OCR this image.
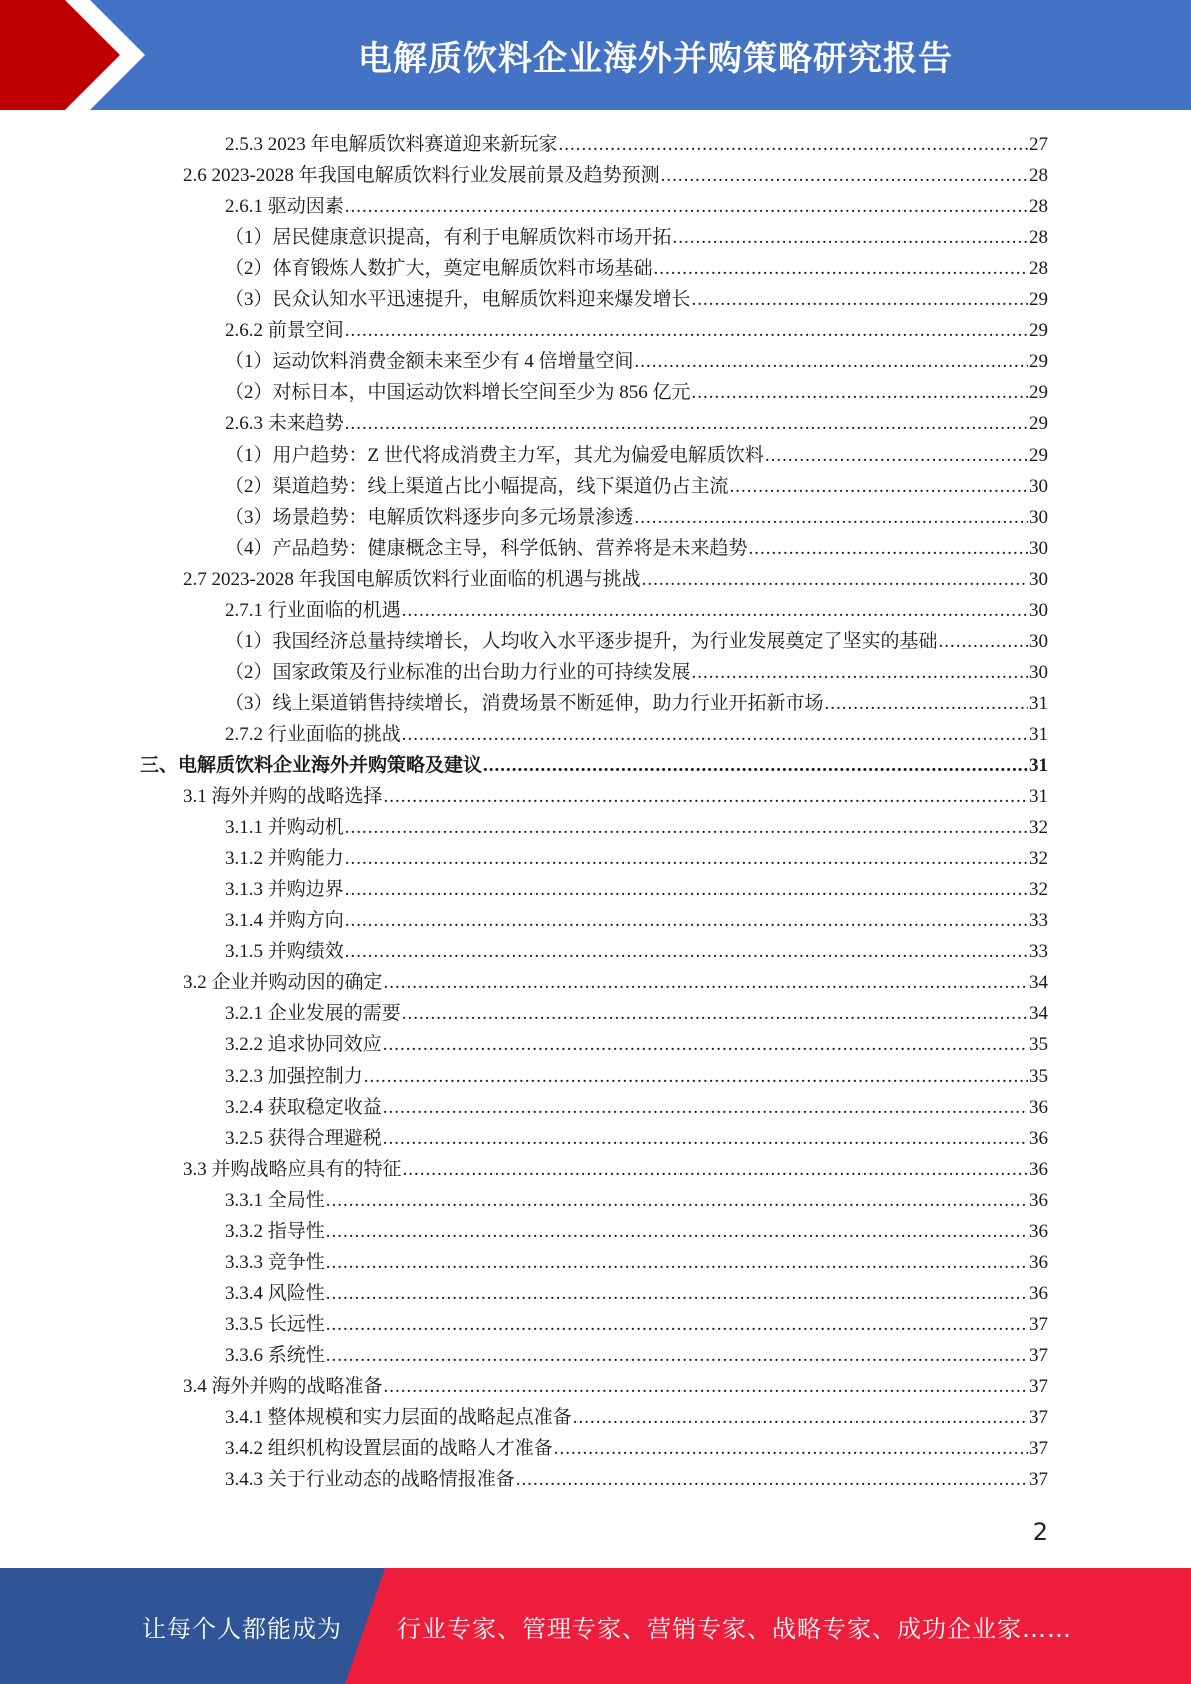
电解质饮料企业海外并购策略研究报告
2.5.3 2023 年电解质饮料赛道迎来新玩家 .....	27
2.6 2023-2028 年我国电解质饮料行业发展前景及趋势预测 .....	28
2.6.1 驱动因素 .....	28
（1）居民健康意识提高，有利于电解质饮料市场开拓 .....	28
（2）体育锻炼人数扩大，奠定电解质饮料市场基础 .....	28
（3）民众认知水平迅速提升，电解质饮料迎来爆发增长 .....	29
2.6.2 前景空间 .....	29
（1）运动饮料消费金额未来至少有 4 倍增量空间 .....	29
（2）对标日本，中国运动饮料增长空间至少为 856 亿元 .....	29
2.6.3 未来趋势 .....	29
（1）用户趋势：Z 世代将成消费主力军，其尤为偏爱电解质饮料 .....	29
（2）渠道趋势：线上渠道占比小幅提高，线下渠道仍占主流 .....	30
（3）场景趋势：电解质饮料逐步向多元场景渗透 .....	30
（4）产品趋势：健康概念主导，科学低钠、营养将是未来趋势 .....	30
2.7 2023-2028 年我国电解质饮料行业面临的机遇与挑战 .....	30
2.7.1 行业面临的机遇 .....	30
（1）我国经济总量持续增长，人均收入水平逐步提升，为行业发展奠定了坚实的基础 .....	30
（2）国家政策及行业标准的出台助力行业的可持续发展 .....	30
（3）线上渠道销售持续增长，消费场景不断延伸，助力行业开拓新市场 .....	31
2.7.2 行业面临的挑战 .....	31
三、电解质饮料企业海外并购策略及建议 .....	31
3.1 海外并购的战略选择 .....	31
3.1.1 并购动机 .....	32
3.1.2 并购能力 .....	32
3.1.3 并购边界 .....	32
3.1.4 并购方向 .....	33
3.1.5 并购绩效 .....	33
3.2 企业并购动因的确定 .....	34
3.2.1 企业发展的需要 .....	34
3.2.2 追求协同效应 .....	35
3.2.3 加强控制力 .....	35
3.2.4 获取稳定收益 .....	36
3.2.5 获得合理避税 .....	36
3.3 并购战略应具有的特征 .....	36
3.3.1 全局性 .....	36
3.3.2 指导性 .....	36
3.3.3 竞争性 .....	36
3.3.4 风险性 .....	36
3.3.5 长远性 .....	37
3.3.6 系统性 .....	37
3.4 海外并购的战略准备 .....	37
3.4.1 整体规模和实力层面的战略起点准备 .....	37
3.4.2 组织机构设置层面的战略人才准备 .....	37
3.4.3 关于行业动态的战略情报准备 .....	37
2
让每个人都能成为 行业专家、管理专家、营销专家、战略专家、成功企业家……
